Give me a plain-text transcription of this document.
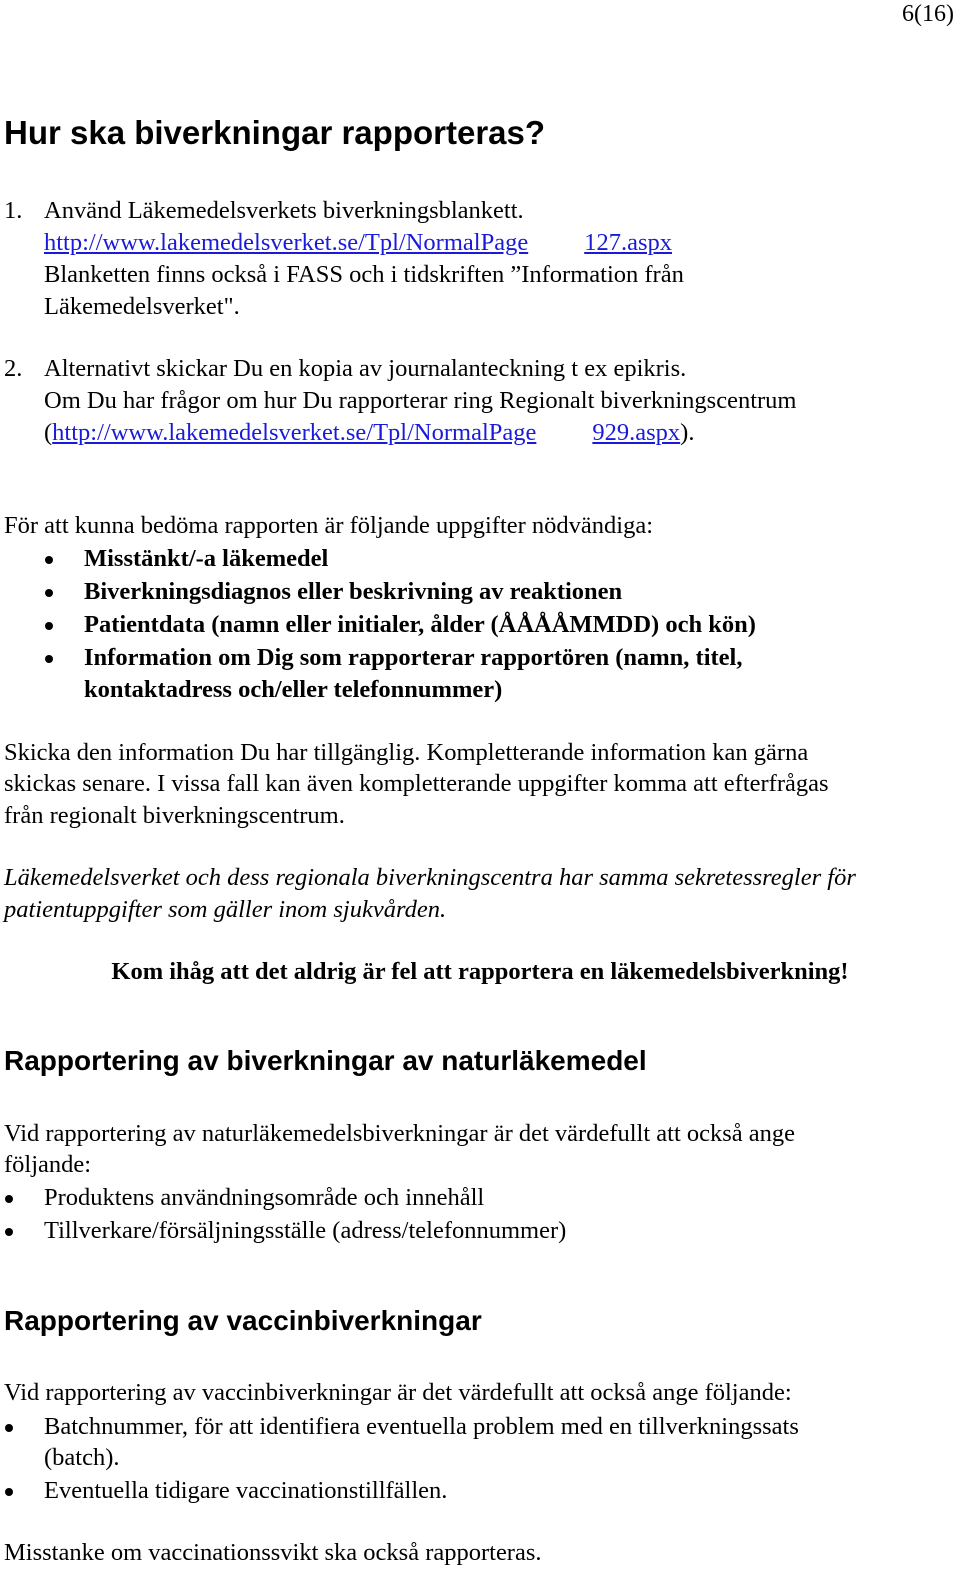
6(16)
Hur ska biverkningar rapporteras?
1. Använd Läkemedelsverkets biverkningsblankett.
http://www.lakemedelsverket.se/Tpl/NormalPage 127.aspx
Blanketten finns också i FASS och i tidskriften ”Information från
Läkemedelsverket".
2. Alternativt skickar Du en kopia av journalanteckning t ex epikris.
Om Du har frågor om hur Du rapporterar ring Regionalt biverkningscentrum
(http://www.lakemedelsverket.se/Tpl/NormalPage 929.aspx).
För att kunna bedöma rapporten är följande uppgifter nödvändiga:
Misstänkt/-a läkemedel
Biverkningsdiagnos eller beskrivning av reaktionen
Patientdata (namn eller initialer, ålder (ÅÅÅÅMMDD) och kön)
Information om Dig som rapporterar rapportören (namn, titel,
kontaktadress och/eller telefonnummer)
Skicka den information Du har tillgänglig. Kompletterande information kan gärna
skickas senare. I vissa fall kan även kompletterande uppgifter komma att efterfrågas
från regionalt biverkningscentrum.
Läkemedelsverket och dess regionala biverkningscentra har samma sekretessregler för
patientuppgifter som gäller inom sjukvården.
Kom ihåg att det aldrig är fel att rapportera en läkemedelsbiverkning!
Rapportering av biverkningar av naturläkemedel
Vid rapportering av naturläkemedelsbiverkningar är det värdefullt att också ange
följande:
Produktens användningsområde och innehåll
Tillverkare/försäljningsställe (adress/telefonnummer)
Rapportering av vaccinbiverkningar
Vid rapportering av vaccinbiverkningar är det värdefullt att också ange följande:
Batchnummer, för att identifiera eventuella problem med en tillverkningssats
(batch).
Eventuella tidigare vaccinationstillfällen.
Misstanke om vaccinationssvikt ska också rapporteras.
